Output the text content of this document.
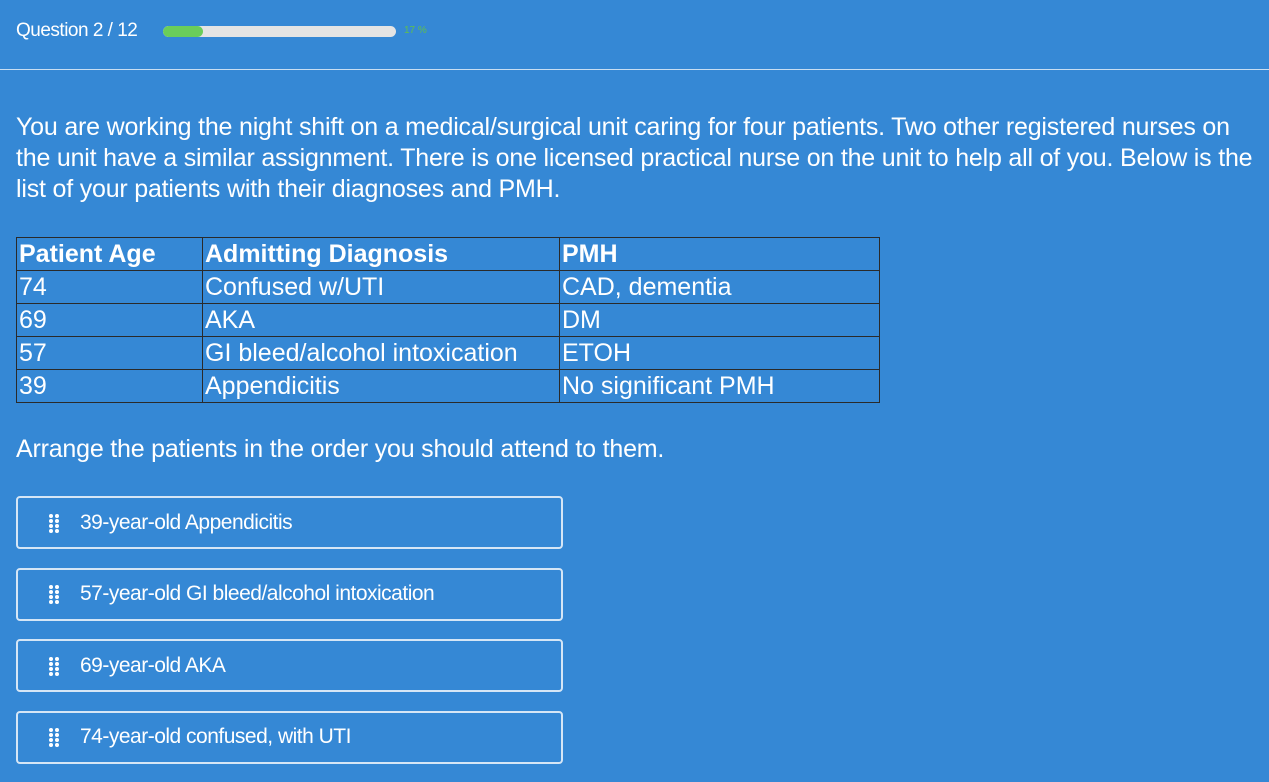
Question 2 / 12	17 %
You are working the night shift on a medical/surgical unit caring for four patients. Two other registered nurses on the unit have a similar assignment. There is one licensed practical nurse on the unit to help all of you. Below is the list of your patients with their diagnoses and PMH.
Patient Age	Admitting Diagnosis	PMH
74	Confused w/UTI	CAD, dementia
69	AKA	DM
57	GI bleed/alcohol intoxication	ETOH
39	Appendicitis	No significant PMH
Arrange the patients in the order you should attend to them.
39-year-old Appendicitis
57-year-old GI bleed/alcohol intoxication
69-year-old AKA
74-year-old confused, with UTI
